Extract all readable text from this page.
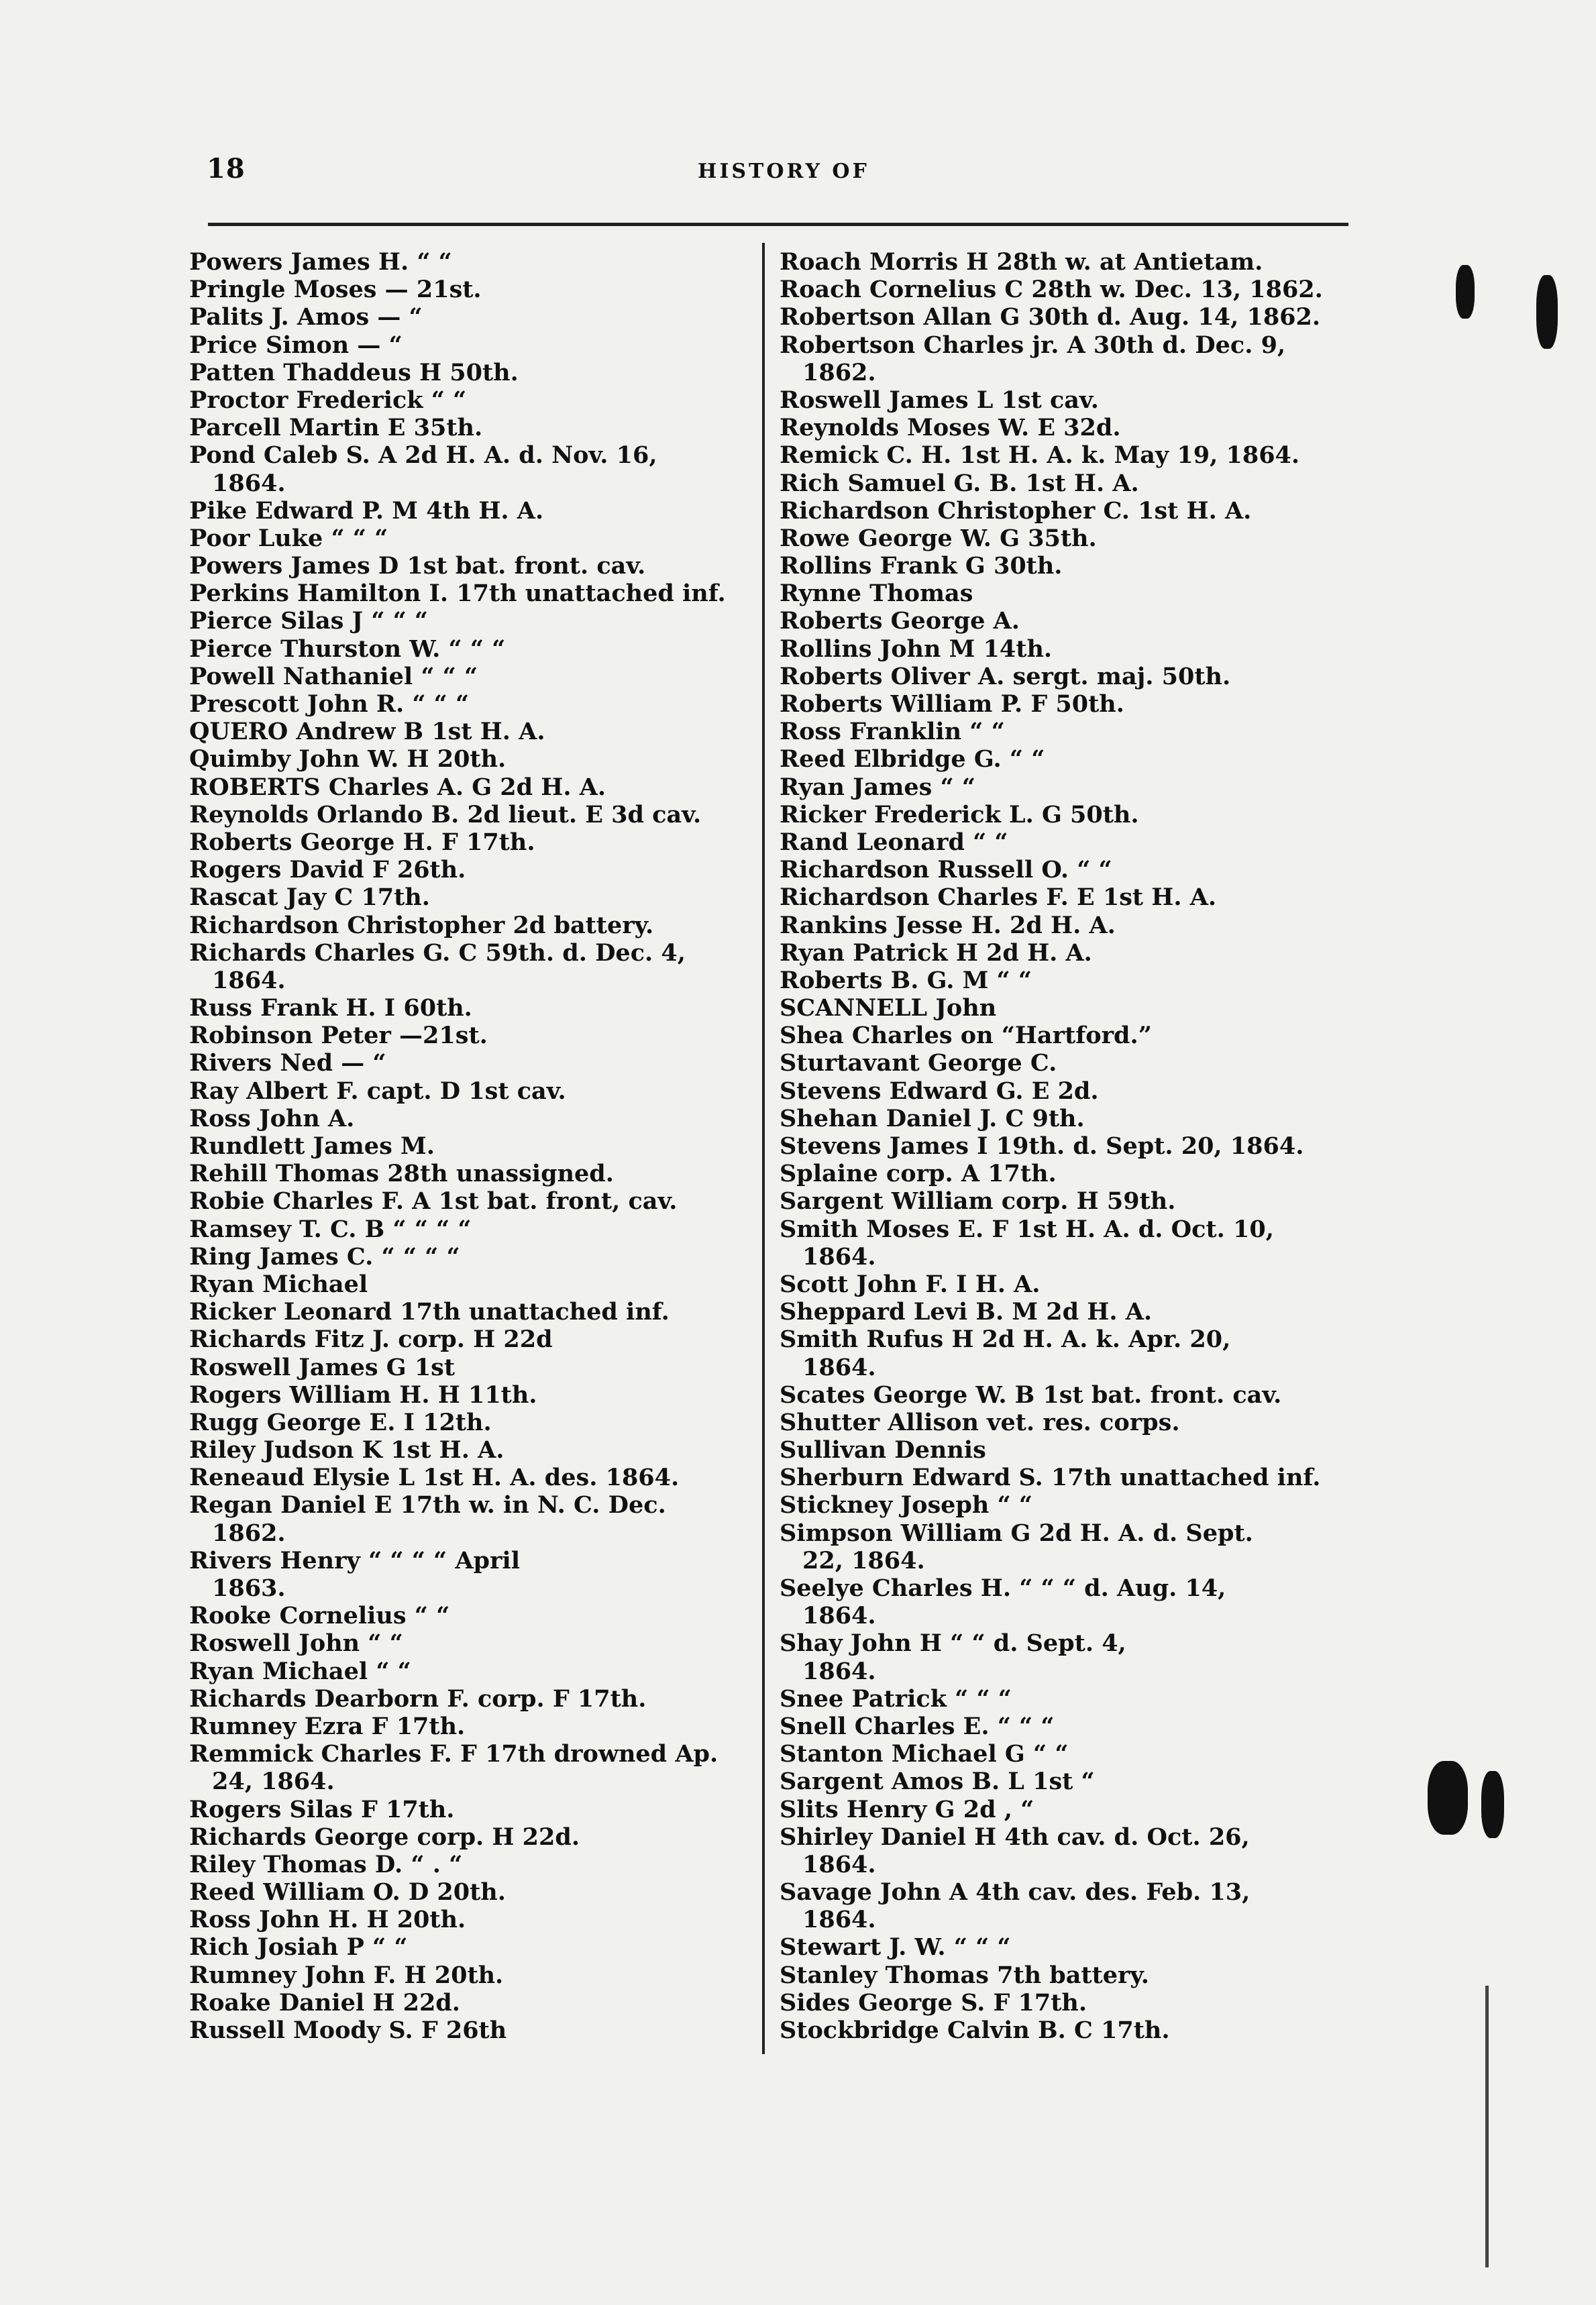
18	HISTORY OF
Powers James H. “ “
Pringle Moses — 21st.
Palits J. Amos — “
Price Simon — “
Patten Thaddeus H 50th.
Proctor Frederick “ “
Parcell Martin E 35th.
Pond Caleb S. A 2d H. A. d. Nov. 16,
1864.
Pike Edward P. M 4th H. A.
Poor Luke “ “ “
Powers James D 1st bat. front. cav.
Perkins Hamilton I. 17th unattached inf.
Pierce Silas J “ “ “
Pierce Thurston W. “ “ “
Powell Nathaniel “ “ “
Prescott John R. “ “ “
QUERO Andrew B 1st H. A.
Quimby John W. H 20th.
ROBERTS Charles A. G 2d H. A.
Reynolds Orlando B. 2d lieut. E 3d cav.
Roberts George H. F 17th.
Rogers David F 26th.
Rascat Jay C 17th.
Richardson Christopher 2d battery.
Richards Charles G. C 59th. d. Dec. 4,
1864.
Russ Frank H. I 60th.
Robinson Peter —21st.
Rivers Ned — “
Ray Albert F. capt. D 1st cav.
Ross John A.
Rundlett James M.
Rehill Thomas 28th unassigned.
Robie Charles F. A 1st bat. front, cav.
Ramsey T. C. B “ “ “ “
Ring James C. “ “ “ “
Ryan Michael
Ricker Leonard 17th unattached inf.
Richards Fitz J. corp. H 22d
Roswell James G 1st
Rogers William H. H 11th.
Rugg George E. I 12th.
Riley Judson K 1st H. A.
Reneaud Elysie L 1st H. A. des. 1864.
Regan Daniel E 17th w. in N. C. Dec.
1862.
Rivers Henry “ “ “ “ April
1863.
Rooke Cornelius “ “
Roswell John “ “
Ryan Michael “ “
Richards Dearborn F. corp. F 17th.
Rumney Ezra F 17th.
Remmick Charles F. F 17th drowned Ap.
24, 1864.
Rogers Silas F 17th.
Richards George corp. H 22d.
Riley Thomas D. “ . “
Reed William O. D 20th.
Ross John H. H 20th.
Rich Josiah P “ “
Rumney John F. H 20th.
Roake Daniel H 22d.
Russell Moody S. F 26th
Roach Morris H 28th w. at Antietam.
Roach Cornelius C 28th w. Dec. 13, 1862.
Robertson Allan G 30th d. Aug. 14, 1862.
Robertson Charles jr. A 30th d. Dec. 9,
1862.
Roswell James L 1st cav.
Reynolds Moses W. E 32d.
Remick C. H. 1st H. A. k. May 19, 1864.
Rich Samuel G. B. 1st H. A.
Richardson Christopher C. 1st H. A.
Rowe George W. G 35th.
Rollins Frank G 30th.
Rynne Thomas
Roberts George A.
Rollins John M 14th.
Roberts Oliver A. sergt. maj. 50th.
Roberts William P. F 50th.
Ross Franklin “ “
Reed Elbridge G. “ “
Ryan James “ “
Ricker Frederick L. G 50th.
Rand Leonard “ “
Richardson Russell O. “ “
Richardson Charles F. E 1st H. A.
Rankins Jesse H. 2d H. A.
Ryan Patrick H 2d H. A.
Roberts B. G. M “ “
SCANNELL John
Shea Charles on “Hartford.”
Sturtavant George C.
Stevens Edward G. E 2d.
Shehan Daniel J. C 9th.
Stevens James I 19th. d. Sept. 20, 1864.
Splaine corp. A 17th.
Sargent William corp. H 59th.
Smith Moses E. F 1st H. A. d. Oct. 10,
1864.
Scott John F. I H. A.
Sheppard Levi B. M 2d H. A.
Smith Rufus H 2d H. A. k. Apr. 20,
1864.
Scates George W. B 1st bat. front. cav.
Shutter Allison vet. res. corps.
Sullivan Dennis
Sherburn Edward S. 17th unattached inf.
Stickney Joseph “ “
Simpson William G 2d H. A. d. Sept.
22, 1864.
Seelye Charles H. “ “ “ d. Aug. 14,
1864.
Shay John H “ “ d. Sept. 4,
1864.
Snee Patrick “ “ “
Snell Charles E. “ “ “
Stanton Michael G “ “
Sargent Amos B. L 1st “
Slits Henry G 2d , “
Shirley Daniel H 4th cav. d. Oct. 26,
1864.
Savage John A 4th cav. des. Feb. 13,
1864.
Stewart J. W. “ “ “
Stanley Thomas 7th battery.
Sides George S. F 17th.
Stockbridge Calvin B. C 17th.
